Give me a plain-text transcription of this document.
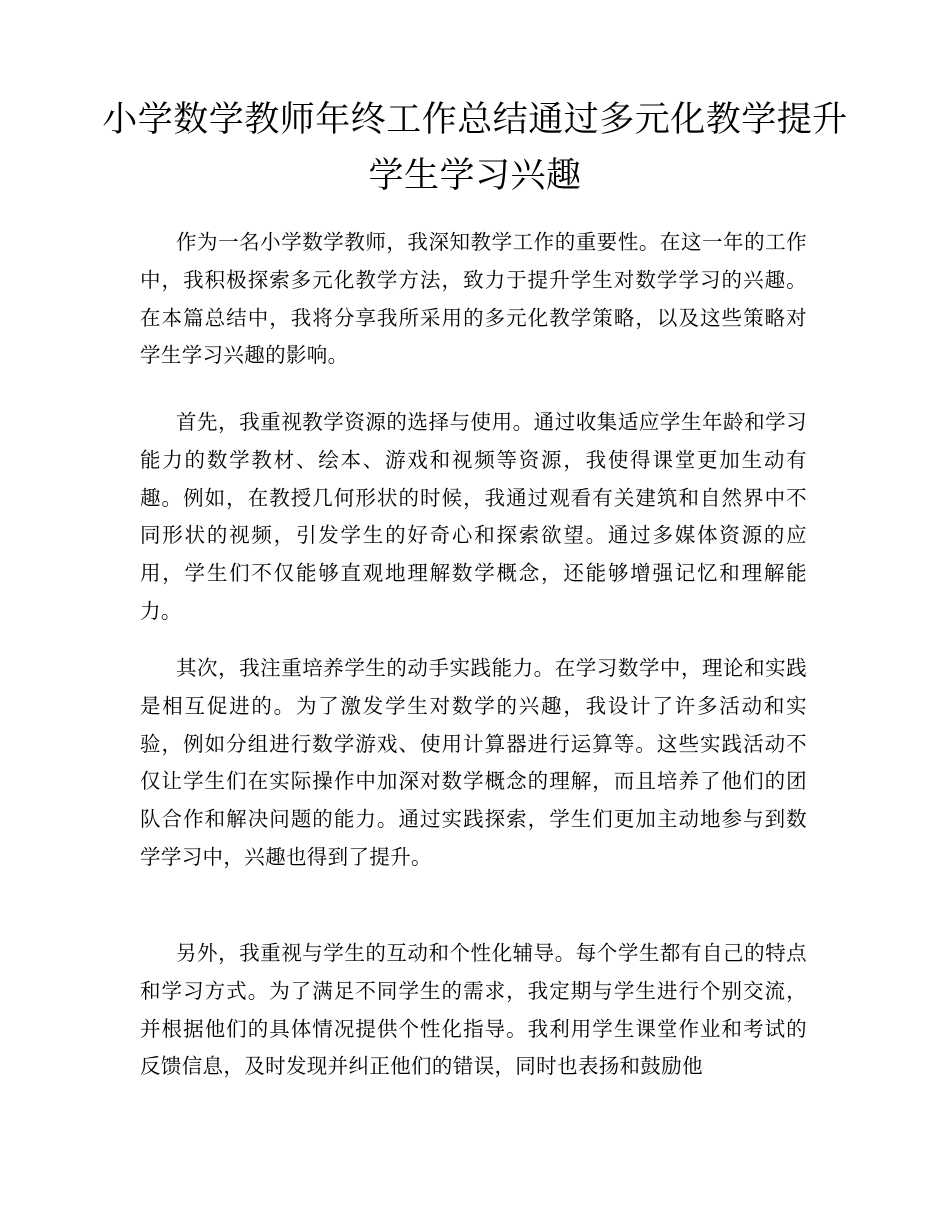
小学数学教师年终工作总结通过多元化教学提升学生学习兴趣

作为一名小学数学教师，我深知教学工作的重要性。在这一年的工作中，我积极探索多元化教学方法，致力于提升学生对数学学习的兴趣。在本篇总结中，我将分享我所采用的多元化教学策略，以及这些策略对学生学习兴趣的影响。

首先，我重视教学资源的选择与使用。通过收集适应学生年龄和学习能力的数学教材、绘本、游戏和视频等资源，我使得课堂更加生动有趣。例如，在教授几何形状的时候，我通过观看有关建筑和自然界中不同形状的视频，引发学生的好奇心和探索欲望。通过多媒体资源的应用，学生们不仅能够直观地理解数学概念，还能够增强记忆和理解能力。

其次，我注重培养学生的动手实践能力。在学习数学中，理论和实践是相互促进的。为了激发学生对数学的兴趣，我设计了许多活动和实验，例如分组进行数学游戏、使用计算器进行运算等。这些实践活动不仅让学生们在实际操作中加深对数学概念的理解，而且培养了他们的团队合作和解决问题的能力。通过实践探索，学生们更加主动地参与到数学学习中，兴趣也得到了提升。

另外，我重视与学生的互动和个性化辅导。每个学生都有自己的特点和学习方式。为了满足不同学生的需求，我定期与学生进行个别交流，并根据他们的具体情况提供个性化指导。我利用学生课堂作业和考试的反馈信息，及时发现并纠正他们的错误，同时也表扬和鼓励他
